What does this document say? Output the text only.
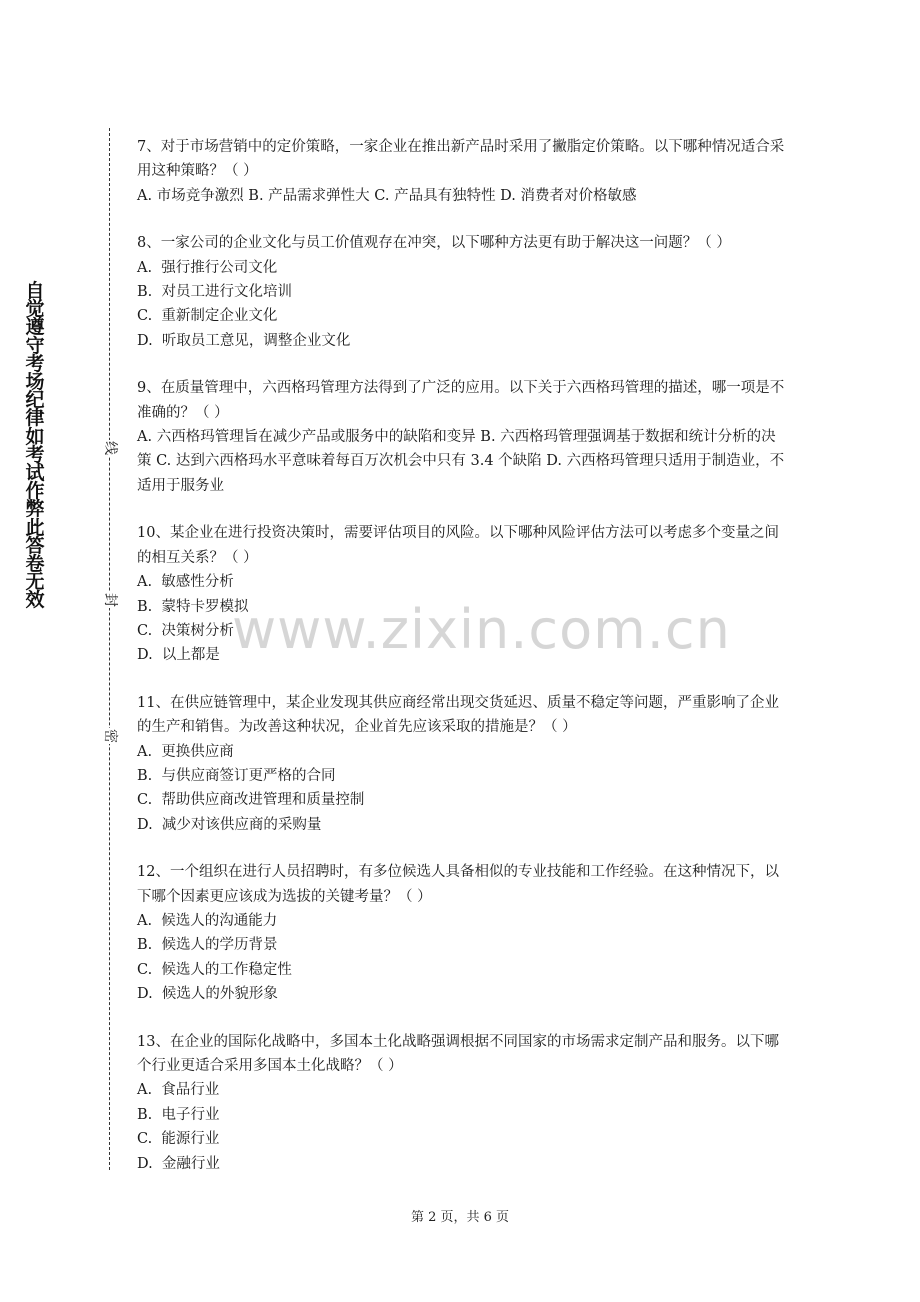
自觉遵守考场纪律如考试作弊此答卷无效
线
封
密
www.zixin.com.cn

7、对于市场营销中的定价策略，一家企业在推出新产品时采用了撇脂定价策略。以下哪种情况适合采用这种策略？（ ）

A. 市场竞争激烈 B. 产品需求弹性大 C. 产品具有独特性 D. 消费者对价格敏感

8、一家公司的企业文化与员工价值观存在冲突，以下哪种方法更有助于解决这一问题？（ ）

A.  强行推行公司文化

B.  对员工进行文化培训

C.  重新制定企业文化

D.  听取员工意见，调整企业文化

9、在质量管理中，六西格玛管理方法得到了广泛的应用。以下关于六西格玛管理的描述，哪一项是不准确的？（ ）

A. 六西格玛管理旨在减少产品或服务中的缺陷和变异 B. 六西格玛管理强调基于数据和统计分析的决策 C. 达到六西格玛水平意味着每百万次机会中只有 3.4 个缺陷 D. 六西格玛管理只适用于制造业，不适用于服务业

10、某企业在进行投资决策时，需要评估项目的风险。以下哪种风险评估方法可以考虑多个变量之间的相互关系？（ ）

A.  敏感性分析

B.  蒙特卡罗模拟

C.  决策树分析

D.  以上都是

11、在供应链管理中，某企业发现其供应商经常出现交货延迟、质量不稳定等问题，严重影响了企业的生产和销售。为改善这种状况，企业首先应该采取的措施是？（ ）

A.  更换供应商

B.  与供应商签订更严格的合同

C.  帮助供应商改进管理和质量控制

D.  减少对该供应商的采购量

12、一个组织在进行人员招聘时，有多位候选人具备相似的专业技能和工作经验。在这种情况下，以下哪个因素更应该成为选拔的关键考量？（ ）

A.  候选人的沟通能力

B.  候选人的学历背景

C.  候选人的工作稳定性

D.  候选人的外貌形象

13、在企业的国际化战略中，多国本土化战略强调根据不同国家的市场需求定制产品和服务。以下哪个行业更适合采用多国本土化战略？（ ）

A.  食品行业

B.  电子行业

C.  能源行业

D.  金融行业

第 2 页，共 6 页
